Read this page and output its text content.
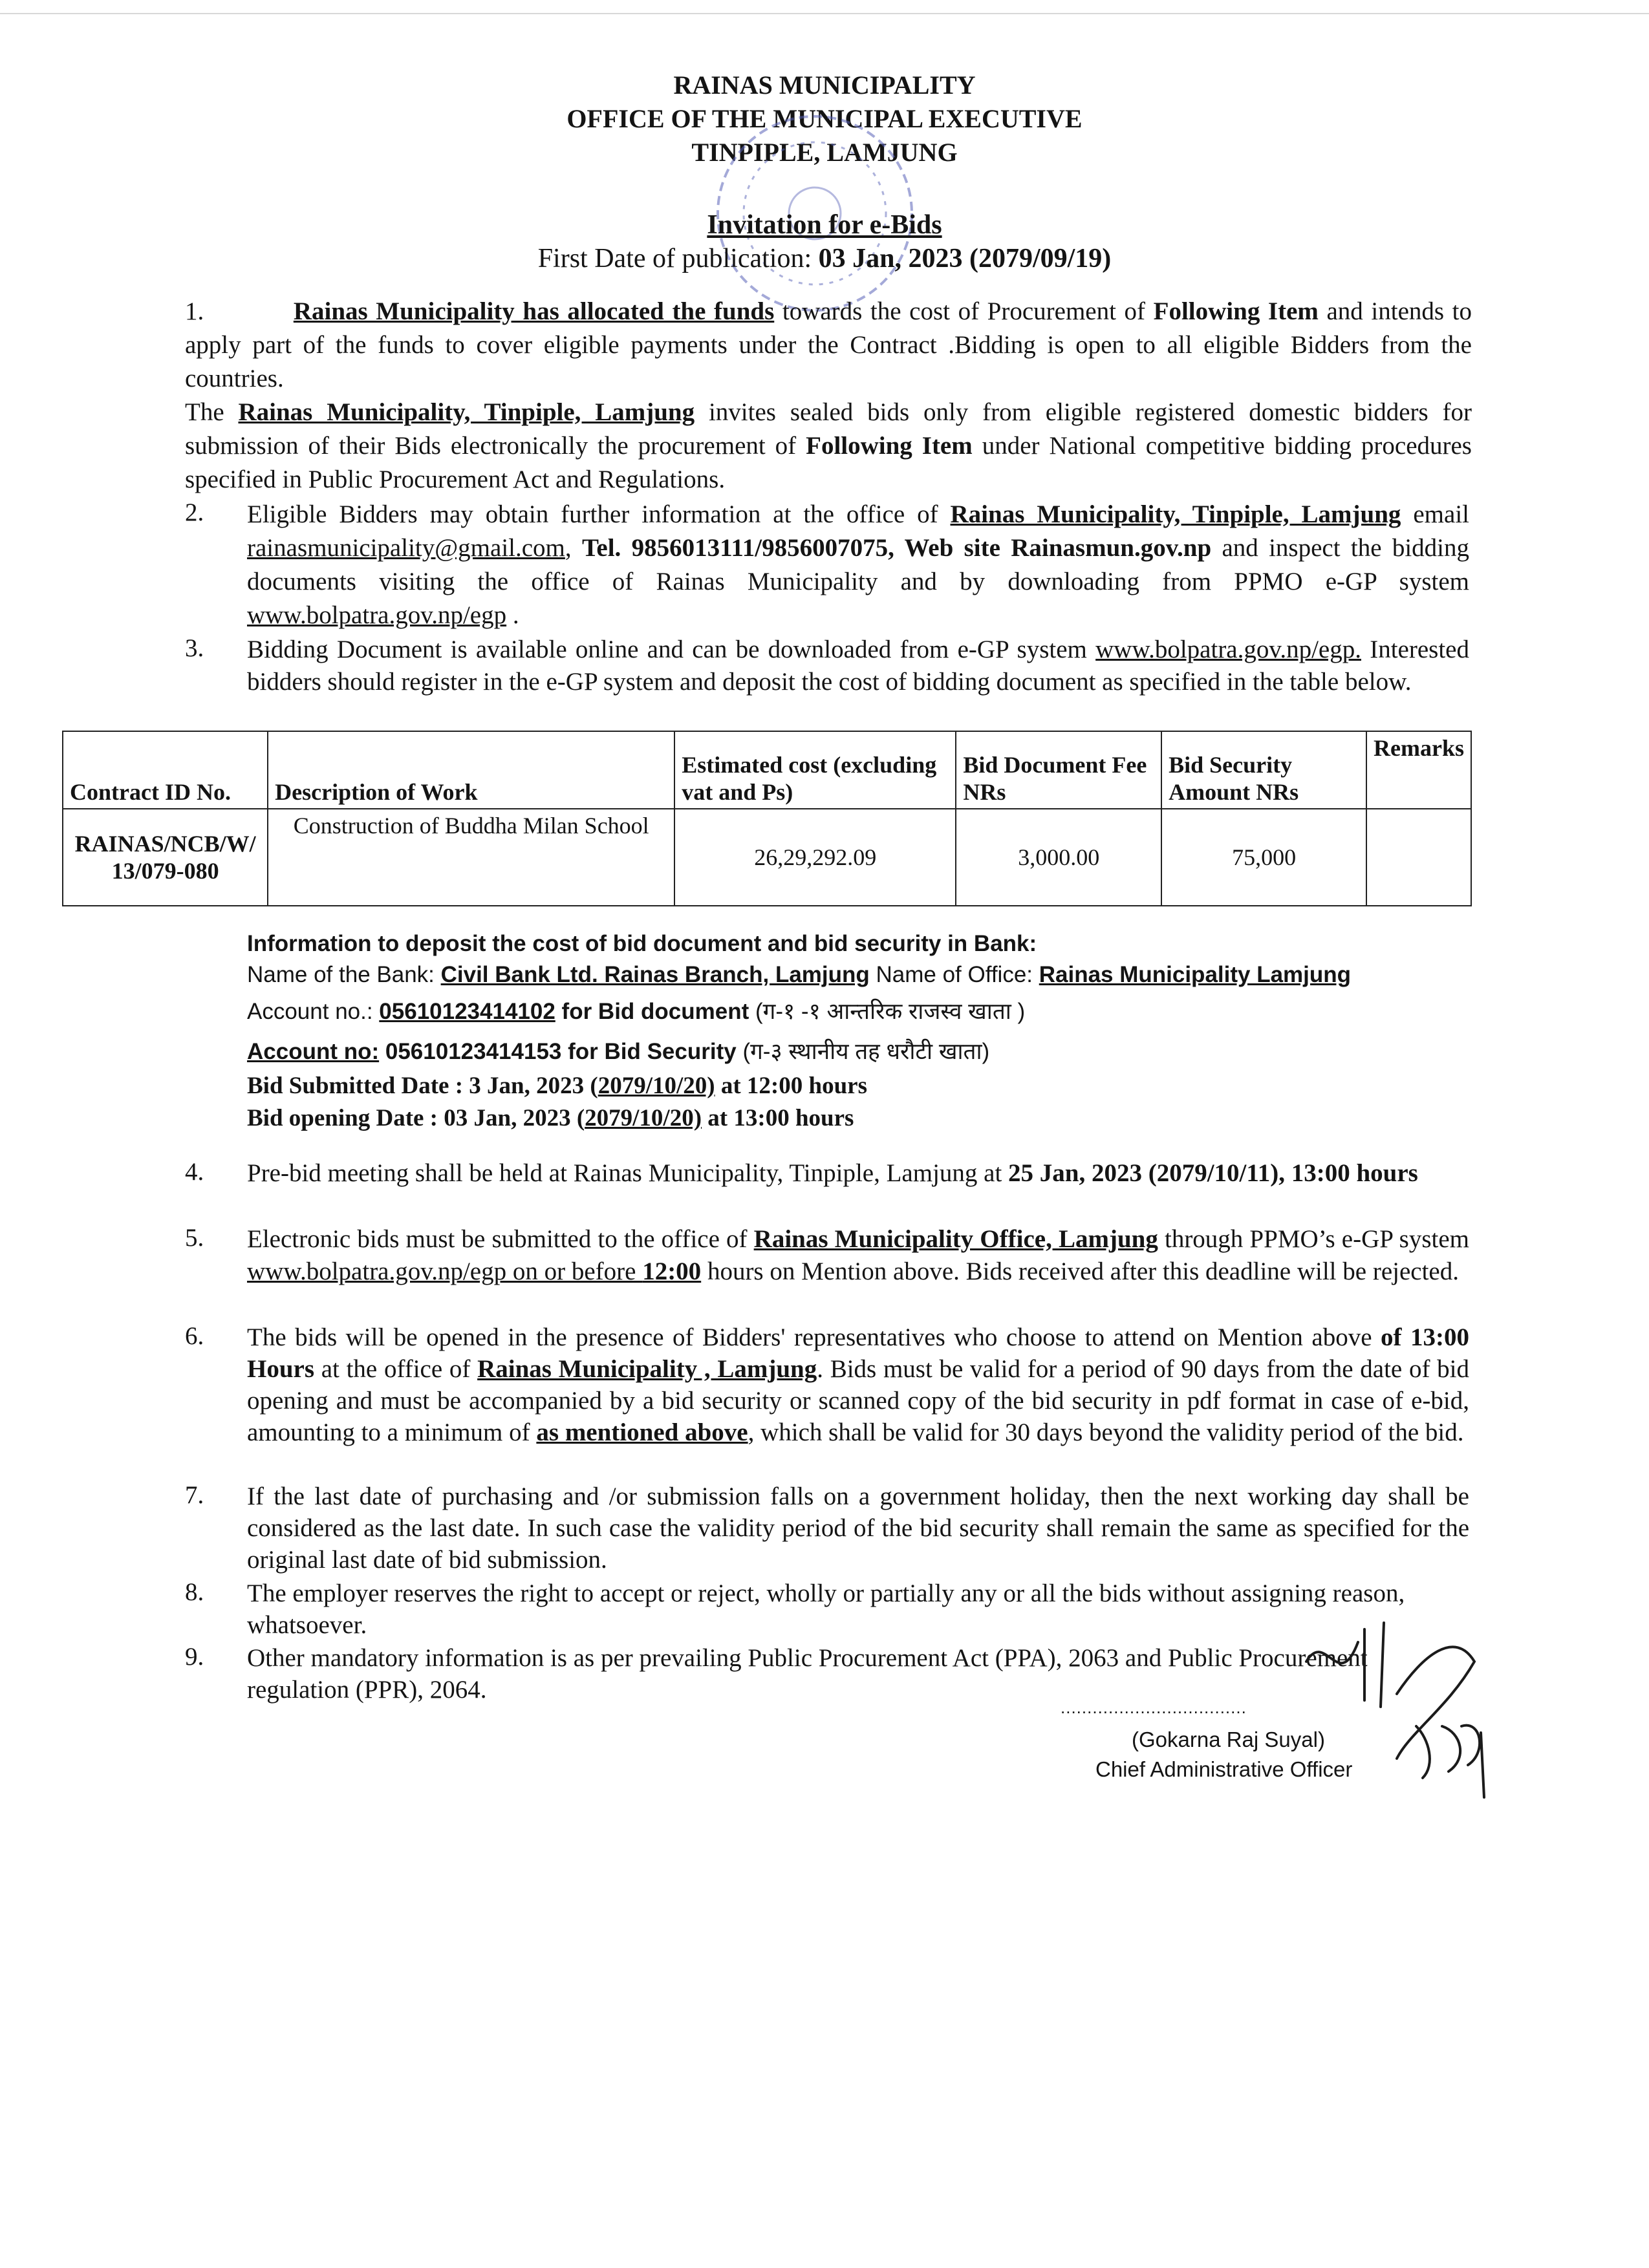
RAINAS MUNICIPALITY
OFFICE OF THE MUNICIPAL EXECUTIVE
TINPIPLE, LAMJUNG
Invitation for e-Bids
First Date of publication: 03 Jan, 2023 (2079/09/19)
1.	Rainas Municipality has allocated the funds towards the cost of Procurement of Following Item and intends to apply part of the funds to cover eligible payments under the Contract .Bidding is open to all eligible Bidders from the countries.
The Rainas Municipality, Tinpiple, Lamjung invites sealed bids only from eligible registered domestic bidders for submission of their Bids electronically the procurement of Following Item under National competitive bidding procedures specified in Public Procurement Act and Regulations.
2. Eligible Bidders may obtain further information at the office of Rainas Municipality, Tinpiple, Lamjung email rainasmunicipality@gmail.com, Tel. 9856013111/9856007075, Web site Rainasmun.gov.np and inspect the bidding documents visiting the office of Rainas Municipality and by downloading from PPMO e-GP system www.bolpatra.gov.np/egp .
3. Bidding Document is available online and can be downloaded from e-GP system www.bolpatra.gov.np/egp. Interested bidders should register in the e-GP system and deposit the cost of bidding document as specified in the table below.
Contract ID No.	Description of Work	Estimated cost (excluding vat and Ps)	Bid Document Fee NRs	Bid Security Amount NRs	Remarks
RAINAS/NCB/W/13/079-080	Construction of Buddha Milan School	26,29,292.09	3,000.00	75,000	
Information to deposit the cost of bid document and bid security in Bank:
Name of the Bank: Civil Bank Ltd. Rainas Branch, Lamjung Name of Office: Rainas Municipality Lamjung
Account no.: 05610123414102 for Bid document (ग-१ -१ आन्तरिक राजस्व खाता )
Account no: 05610123414153 for Bid Security (ग-३ स्थानीय तह धरौटी खाता)
Bid Submitted Date : 3 Jan, 2023 (2079/10/20) at 12:00 hours
Bid opening Date : 03 Jan, 2023 (2079/10/20) at 13:00 hours
4. Pre-bid meeting shall be held at Rainas Municipality, Tinpiple, Lamjung at 25 Jan, 2023 (2079/10/11), 13:00 hours
5. Electronic bids must be submitted to the office of Rainas Municipality Office, Lamjung through PPMO’s e-GP system www.bolpatra.gov.np/egp on or before 12:00 hours on Mention above. Bids received after this deadline will be rejected.
6. The bids will be opened in the presence of Bidders' representatives who choose to attend on Mention above of 13:00 Hours at the office of Rainas Municipality , Lamjung. Bids must be valid for a period of 90 days from the date of bid opening and must be accompanied by a bid security or scanned copy of the bid security in pdf format in case of e-bid, amounting to a minimum of as mentioned above, which shall be valid for 30 days beyond the validity period of the bid.
7. If the last date of purchasing and /or submission falls on a government holiday, then the next working day shall be considered as the last date. In such case the validity period of the bid security shall remain the same as specified for the original last date of bid submission.
8. The employer reserves the right to accept or reject, wholly or partially any or all the bids without assigning reason, whatsoever.
9. Other mandatory information is as per prevailing Public Procurement Act (PPA), 2063 and Public Procurement regulation (PPR), 2064.
...................................
(Gokarna Raj Suyal)
Chief Administrative Officer
